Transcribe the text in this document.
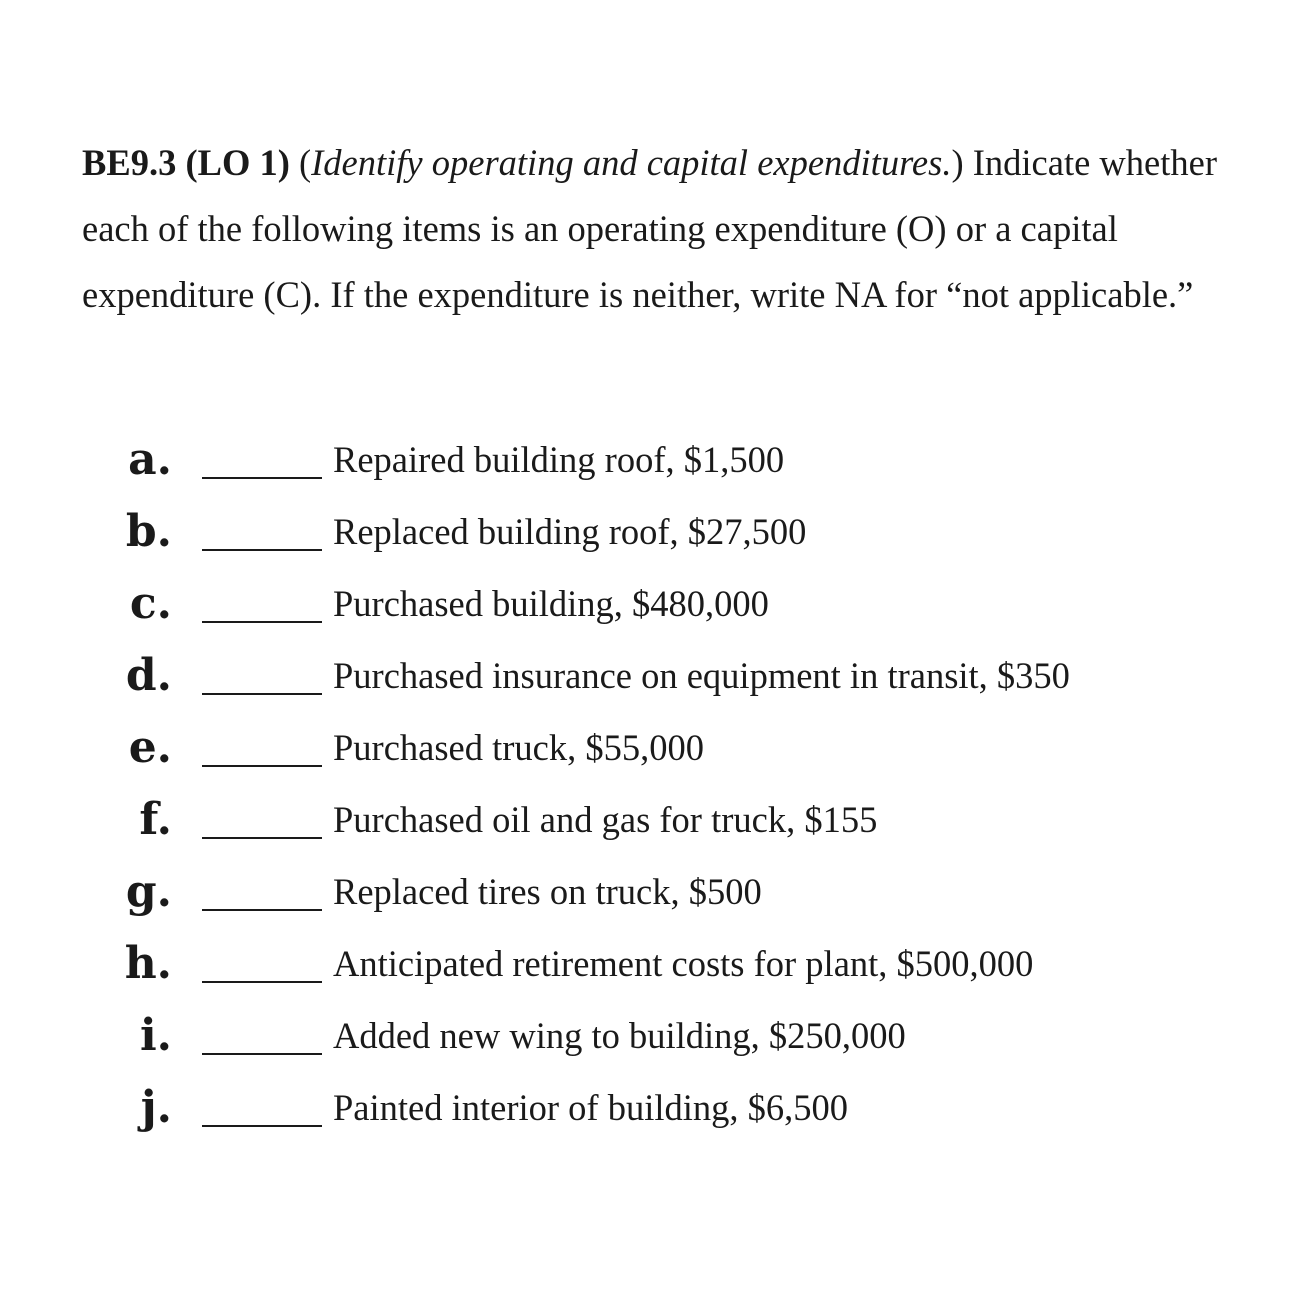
BE9.3 (LO 1) (Identify operating and capital expenditures.) Indicate whether each of the following items is an operating expenditure (O) or a capital expenditure (C). If the expenditure is neither, write NA for “not applicable.”

a.	Repaired building roof, $1,500
b.	Replaced building roof, $27,500
c.	Purchased building, $480,000
d.	Purchased insurance on equipment in transit, $350
e.	Purchased truck, $55,000
f.	Purchased oil and gas for truck, $155
g.	Replaced tires on truck, $500
h.	Anticipated retirement costs for plant, $500,000
i.	Added new wing to building, $250,000
j.	Painted interior of building, $6,500
